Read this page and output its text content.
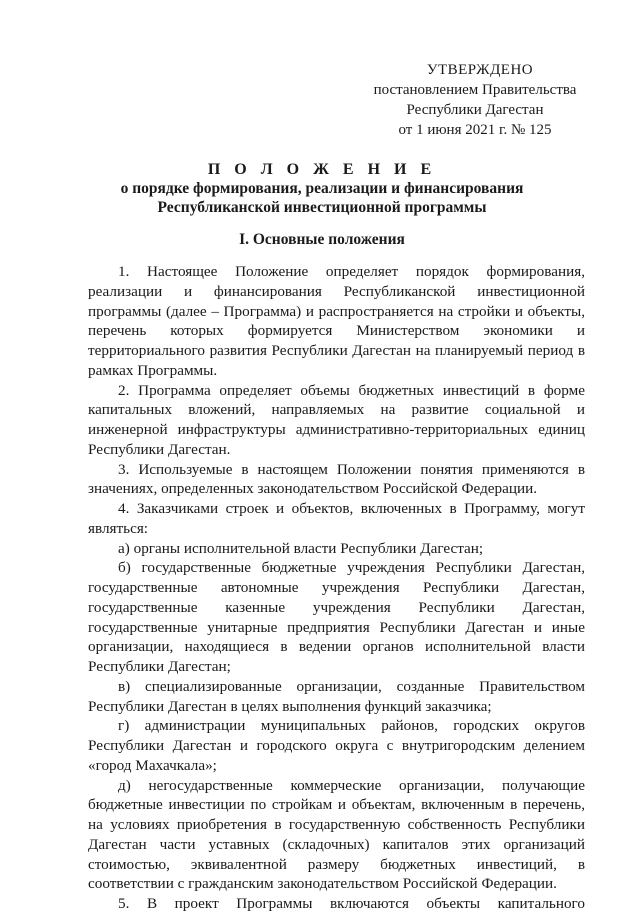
УТВЕРЖДЕНО
постановлением Правительства
Республики Дагестан
от 1 июня 2021 г. № 125
П О Л О Ж Е Н И Е
о порядке формирования, реализации и финансирования
Республиканской инвестиционной программы
I. Основные положения

1. Настоящее Положение определяет порядок формирования, реализации и финансирования Республиканской инвестиционной программы (далее – Программа) и распространяется на стройки и объекты, перечень которых формируется Министерством экономики и территориального развития Республики Дагестан на планируемый период в рамках Программы.

2. Программа определяет объемы бюджетных инвестиций в форме капитальных вложений, направляемых на развитие социальной и инженерной инфраструктуры административно-территориальных единиц Республики Дагестан.

3. Используемые в настоящем Положении понятия применяются в значениях, определенных законодательством Российской Федерации.

4. Заказчиками строек и объектов, включенных в Программу, могут являться:

а) органы исполнительной власти Республики Дагестан;

б) государственные бюджетные учреждения Республики Дагестан, государственные автономные учреждения Республики Дагестан, государственные казенные учреждения Республики Дагестан, государственные унитарные предприятия Республики Дагестан и иные организации, находящиеся в ведении органов исполнительной власти Республики Дагестан;

в) специализированные организации, созданные Правительством Республики Дагестан в целях выполнения функций заказчика;

г) администрации муниципальных районов, городских округов Республики Дагестан и городского округа с внутригородским делением «город Махачкала»;

д) негосударственные коммерческие организации, получающие бюджетные инвестиции по стройкам и объектам, включенным в перечень, на условиях приобретения в государственную собственность Республики Дагестан части уставных (складочных) капиталов этих организаций стоимостью, эквивалентной размеру бюджетных инвестиций, в соответствии с гражданским законодательством Российской Федерации.

5. В проект Программы включаются объекты капитального
